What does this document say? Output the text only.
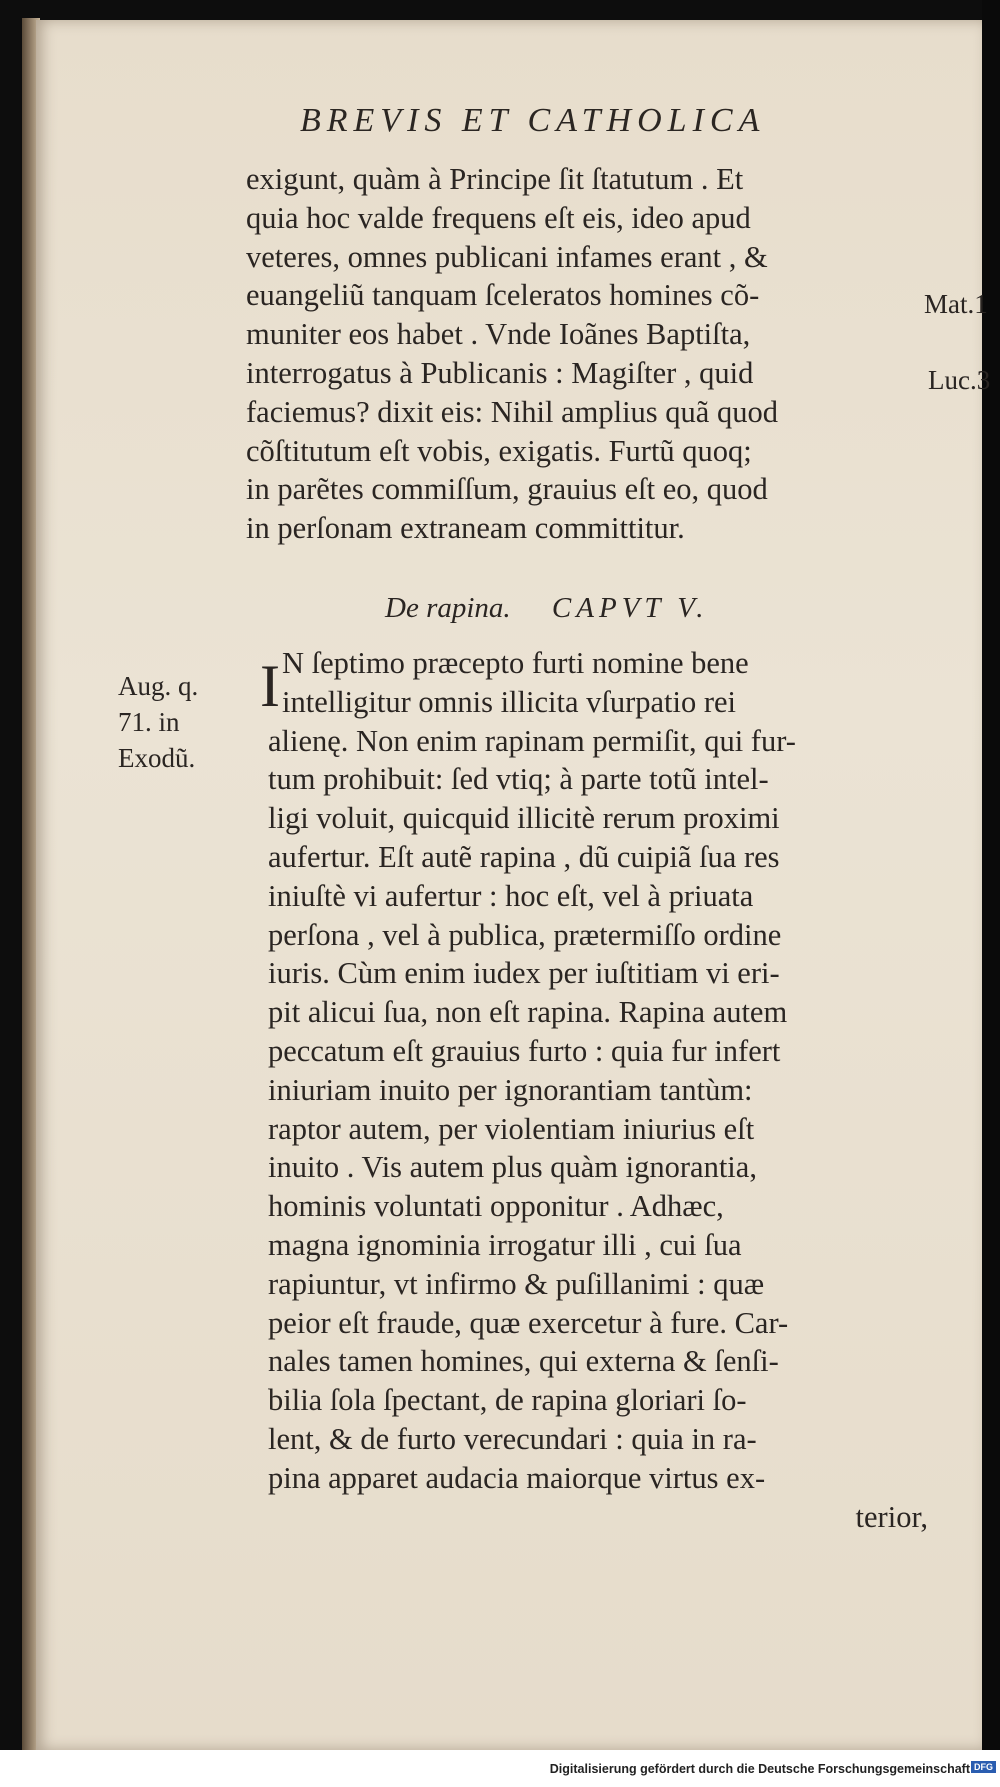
BREVIS ET CATHOLICA
exigunt, quàm à Principe ſit ſtatutum . Et
quia hoc valde frequens eſt eis, ideo apud
veteres, omnes publicani infames erant , &
euangeliũ tanquam ſceleratos homines cõ-
muniter eos habet . Vnde Ioãnes Baptiſta,
interrogatus à Publicanis : Magiſter , quid
faciemus? dixit eis: Nihil amplius quã quod
cõſtitutum eſt vobis, exigatis. Furtũ quoq;
in parẽtes commiſſum, grauius eſt eo, quod
in perſonam extraneam committitur.
De rapina. CAPVT V.
I N ſeptimo præcepto furti nomine bene
intelligitur omnis illicita vſurpatio rei
alienę. Non enim rapinam permiſit, qui fur-
tum prohibuit: ſed vtiq; à parte totũ intel-
ligi voluit, quicquid illicitè rerum proximi
aufertur. Eſt autẽ rapina , dũ cuipiã ſua res
iniuſtè vi aufertur : hoc eſt, vel à priuata
perſona , vel à publica, prætermiſſo ordine
iuris. Cùm enim iudex per iuſtitiam vi eri-
pit alicui ſua, non eſt rapina. Rapina autem
peccatum eſt grauius furto : quia fur infert
iniuriam inuito per ignorantiam tantùm:
raptor autem, per violentiam iniurius eſt
inuito . Vis autem plus quàm ignorantia,
hominis voluntati opponitur . Adhæc,
magna ignominia irrogatur illi , cui ſua
rapiuntur, vt infirmo & puſillanimi : quæ
peior eſt fraude, quæ exercetur à fure. Car-
nales tamen homines, qui externa & ſenſi-
bilia ſola ſpectant, de rapina gloriari ſo-
lent, & de furto verecundari : quia in ra-
pina apparet audacia maiorque virtus ex-
terior,
Aug. q.
71. in
Exodũ.
Mat.1
Luc.3
Digitalisierung gefördert durch die Deutsche Forschungsgemeinschaft DFG
